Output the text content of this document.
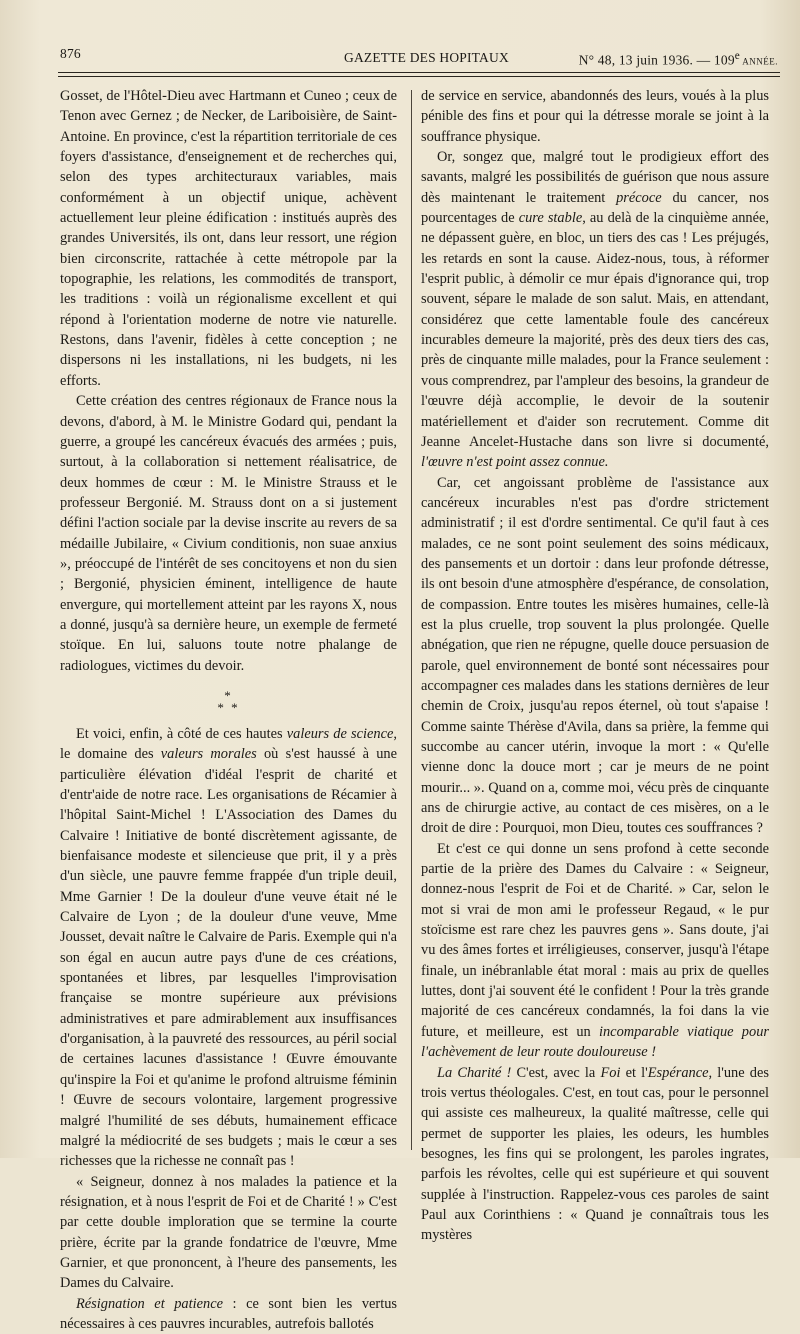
876	GAZETTE DES HOPITAUX	N° 48, 13 juin 1936. — 109e ANNÉE.

Gosset, de l'Hôtel-Dieu avec Hartmann et Cuneo ; ceux de Tenon avec Gernez ; de Necker, de Lariboisière, de Saint-Antoine. En province, c'est la répartition territoriale de ces foyers d'assistance, d'enseignement et de recherches qui, selon des types architecturaux variables, mais conformément à un objectif unique, achèvent actuellement leur pleine édification : institués auprès des grandes Universités, ils ont, dans leur ressort, une région bien circonscrite, rattachée à cette métropole par la topographie, les relations, les commodités de transport, les traditions : voilà un régionalisme excellent et qui répond à l'orientation moderne de notre vie naturelle. Restons, dans l'avenir, fidèles à cette conception ; ne dispersons ni les installations, ni les budgets, ni les efforts.

Cette création des centres régionaux de France nous la devons, d'abord, à M. le Ministre Godard qui, pendant la guerre, a groupé les cancéreux évacués des armées ; puis, surtout, à la collaboration si nettement réalisatrice, de deux hommes de cœur : M. le Ministre Strauss et le professeur Bergonié. M. Strauss dont on a si justement défini l'action sociale par la devise inscrite au revers de sa médaille Jubilaire, « Civium conditionis, non suae anxius », préoccupé de l'intérêt de ses concitoyens et non du sien ; Bergonié, physicien éminent, intelligence de haute envergure, qui mortellement atteint par les rayons X, nous a donné, jusqu'à sa dernière heure, un exemple de fermeté stoïque. En lui, saluons toute notre phalange de radiologues, victimes du devoir.

*
* *

Et voici, enfin, à côté de ces hautes valeurs de science, le domaine des valeurs morales où s'est haussé à une particulière élévation d'idéal l'esprit de charité et d'entr'aide de notre race. Les organisations de Récamier à l'hôpital Saint-Michel ! L'Association des Dames du Calvaire ! Initiative de bonté discrètement agissante, de bienfaisance modeste et silencieuse que prit, il y a près d'un siècle, une pauvre femme frappée d'un triple deuil, Mme Garnier ! De la douleur d'une veuve était né le Calvaire de Lyon ; de la douleur d'une veuve, Mme Jousset, devait naître le Calvaire de Paris. Exemple qui n'a son égal en aucun autre pays d'une de ces créations, spontanées et libres, par lesquelles l'improvisation française se montre supérieure aux prévisions administratives et pare admirablement aux insuffisances d'organisation, à la pauvreté des ressources, au péril social de certaines lacunes d'assistance ! Œuvre émouvante qu'inspire la Foi et qu'anime le profond altruisme féminin ! Œuvre de secours volontaire, largement progressive malgré l'humilité de ses débuts, humainement efficace malgré la médiocrité de ses budgets ; mais le cœur a ses richesses que la richesse ne connaît pas !

« Seigneur, donnez à nos malades la patience et la résignation, et à nous l'esprit de Foi et de Charité ! » C'est par cette double imploration que se termine la courte prière, écrite par la grande fondatrice de l'œuvre, Mme Garnier, et que prononcent, à l'heure des pansements, les Dames du Calvaire.

Résignation et patience : ce sont bien les vertus nécessaires à ces pauvres incurables, autrefois ballotés

de service en service, abandonnés des leurs, voués à la plus pénible des fins et pour qui la détresse morale se joint à la souffrance physique.

Or, songez que, malgré tout le prodigieux effort des savants, malgré les possibilités de guérison que nous assure dès maintenant le traitement précoce du cancer, nos pourcentages de cure stable, au delà de la cinquième année, ne dépassent guère, en bloc, un tiers des cas ! Les préjugés, les retards en sont la cause. Aidez-nous, tous, à réformer l'esprit public, à démolir ce mur épais d'ignorance qui, trop souvent, sépare le malade de son salut. Mais, en attendant, considérez que cette lamentable foule des cancéreux incurables demeure la majorité, près des deux tiers des cas, près de cinquante mille malades, pour la France seulement : vous comprendrez, par l'ampleur des besoins, la grandeur de l'œuvre déjà accomplie, le devoir de la soutenir matériellement et d'aider son recrutement. Comme dit Jeanne Ancelet-Hustache dans son livre si documenté, l'œuvre n'est point assez connue.

Car, cet angoissant problème de l'assistance aux cancéreux incurables n'est pas d'ordre strictement administratif ; il est d'ordre sentimental. Ce qu'il faut à ces malades, ce ne sont point seulement des soins médicaux, des pansements et un dortoir : dans leur profonde détresse, ils ont besoin d'une atmosphère d'espérance, de consolation, de compassion. Entre toutes les misères humaines, celle-là est la plus cruelle, trop souvent la plus prolongée. Quelle abnégation, que rien ne répugne, quelle douce persuasion de parole, quel environnement de bonté sont nécessaires pour accompagner ces malades dans les stations dernières de leur chemin de Croix, jusqu'au repos éternel, où tout s'apaise ! Comme sainte Thérèse d'Avila, dans sa prière, la femme qui succombe au cancer utérin, invoque la mort : « Qu'elle vienne donc la douce mort ; car je meurs de ne point mourir... ». Quand on a, comme moi, vécu près de cinquante ans de chirurgie active, au contact de ces misères, on a le droit de dire : Pourquoi, mon Dieu, toutes ces souffrances ?

Et c'est ce qui donne un sens profond à cette seconde partie de la prière des Dames du Calvaire : « Seigneur, donnez-nous l'esprit de Foi et de Charité. » Car, selon le mot si vrai de mon ami le professeur Regaud, « le pur stoïcisme est rare chez les pauvres gens ». Sans doute, j'ai vu des âmes fortes et irréligieuses, conserver, jusqu'à l'étape finale, un inébranlable état moral : mais au prix de quelles luttes, dont j'ai souvent été le confident ! Pour la très grande majorité de ces cancéreux condamnés, la foi dans la vie future, et meilleure, est un incomparable viatique pour l'achèvement de leur route douloureuse !

La Charité ! C'est, avec la Foi et l'Espérance, l'une des trois vertus théologales. C'est, en tout cas, pour le personnel qui assiste ces malheureux, la qualité maîtresse, celle qui permet de supporter les plaies, les odeurs, les humbles besognes, les fins qui se prolongent, les paroles ingrates, parfois les révoltes, celle qui est supérieure et qui souvent supplée à l'instruction. Rappelez-vous ces paroles de saint Paul aux Corinthiens : « Quand je connaîtrais tous les mystères
